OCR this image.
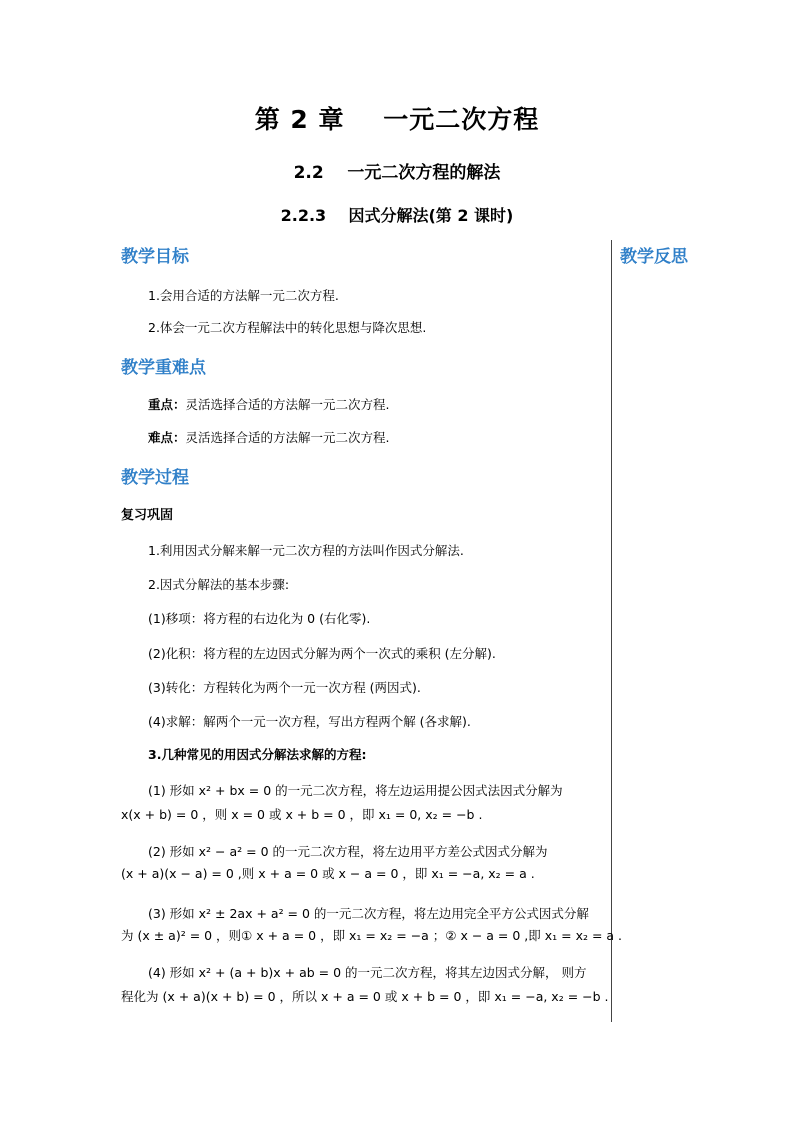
第 2 章    一元二次方程
2.2    一元二次方程的解法
2.2.3    因式分解法(第 2 课时)
教学反思
教学目标
1.会用合适的方法解一元二次方程.
2.体会一元二次方程解法中的转化思想与降次思想.
教学重难点
重点：灵活选择合适的方法解一元二次方程.
难点：灵活选择合适的方法解一元二次方程.
教学过程
复习巩固
1.利用因式分解来解一元二次方程的方法叫作因式分解法.
2.因式分解法的基本步骤:
(1)移项：将方程的右边化为 0 (右化零).
(2)化积：将方程的左边因式分解为两个一次式的乘积 (左分解).
(3)转化：方程转化为两个一元一次方程 (两因式).
(4)求解：解两个一元一次方程，写出方程两个解 (各求解).
3.几种常见的用因式分解法求解的方程:
(1) 形如 x² + bx = 0 的一元二次方程，将左边运用提公因式法因式分解为
x(x + b) = 0 ，则 x = 0 或 x + b = 0 ，即 x₁ = 0, x₂ = −b .
(2) 形如 x² − a² = 0 的一元二次方程，将左边用平方差公式因式分解为
(x + a)(x − a) = 0 ,则 x + a = 0 或 x − a = 0 ，即 x₁ = −a, x₂ = a .
(3) 形如 x² ± 2ax + a² = 0 的一元二次方程，将左边用完全平方公式因式分解
为 (x ± a)² = 0 ，则① x + a = 0 ，即 x₁ = x₂ = −a ；② x − a = 0 ,即 x₁ = x₂ = a .
(4) 形如 x² + (a + b)x + ab = 0 的一元二次方程，将其左边因式分解， 则方
程化为 (x + a)(x + b) = 0 ，所以 x + a = 0 或 x + b = 0 ，即 x₁ = −a, x₂ = −b .
